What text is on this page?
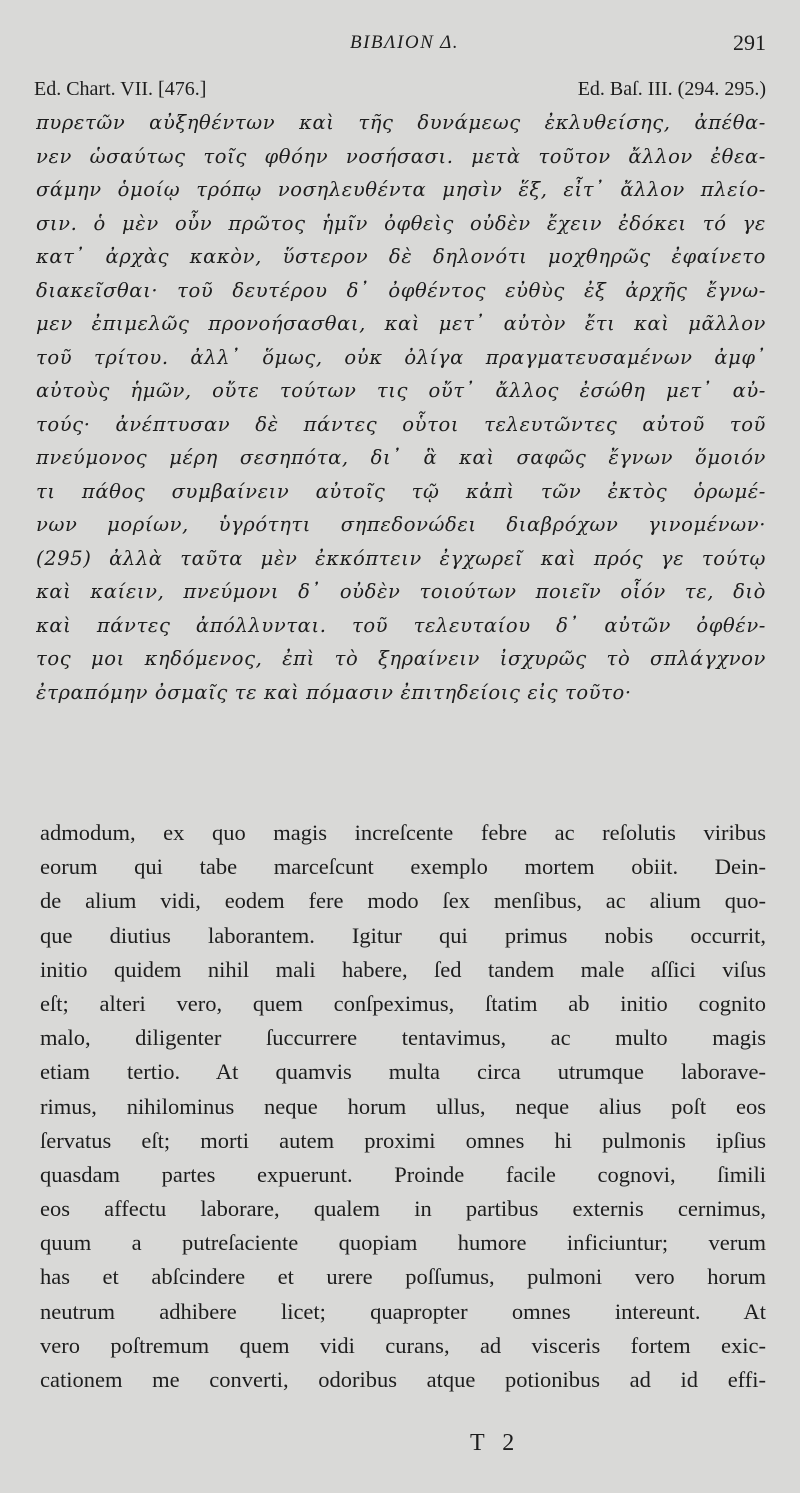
BIBΛΙΟΝ Δ.	291
Ed. Chart. VII. [476.]	Ed. Baſ. III. (294. 295.)
πυρετῶν αὐξηθέντων καὶ τῆς δυνάμεως ἐκλυθείσης, ἀπέθα-
νεν ὡσαύτως τοῖς φθόην νοσήσασι. μετὰ τοῦτον ἄλλον ἐθεα-
σάμην ὁμοίῳ τρόπῳ νοσηλευθέντα μησὶν ἕξ, εἶτ᾽ ἄλλον πλείο-
σιν. ὁ μὲν οὖν πρῶτος ἡμῖν ὀφθεὶς οὐδὲν ἔχειν ἐδόκει τό γε
κατ᾽ ἀρχὰς κακὸν, ὕστερον δὲ δηλονότι μοχθηρῶς ἐφαίνετο
διακεῖσθαι· τοῦ δευτέρου δ᾽ ὀφθέντος εὐθὺς ἐξ ἀρχῆς ἔγνω-
μεν ἐπιμελῶς προνοήσασθαι, καὶ μετ᾽ αὐτὸν ἔτι καὶ μᾶλλον
τοῦ τρίτου. ἀλλ᾽ ὅμως, οὐκ ὀλίγα πραγματευσαμένων ἀμφ᾽
αὐτοὺς ἡμῶν, οὔτε τούτων τις οὔτ᾽ ἄλλος ἐσώθη μετ᾽ αὐ-
τούς· ἀνέπτυσαν δὲ πάντες οὗτοι τελευτῶντες αὐτοῦ τοῦ
πνεύμονος μέρη σεσηπότα, δι᾽ ἃ καὶ σαφῶς ἔγνων ὅμοιόν
τι πάθος συμβαίνειν αὐτοῖς τῷ κἀπὶ τῶν ἐκτὸς ὁρωμέ-
νων μορίων, ὑγρότητι σηπεδονώδει διαβρόχων γινομένων·
(295) ἀλλὰ ταῦτα μὲν ἐκκόπτειν ἐγχωρεῖ καὶ πρός γε τούτῳ
καὶ καίειν, πνεύμονι δ᾽ οὐδὲν τοιούτων ποιεῖν οἷόν τε, διὸ
καὶ πάντες ἀπόλλυνται. τοῦ τελευταίου δ᾽ αὐτῶν ὀφθέν-
τος μοι κηδόμενος, ἐπὶ τὸ ξηραίνειν ἰσχυρῶς τὸ σπλάγχνον
ἐτραπόμην ὀσμαῖς τε καὶ πόμασιν ἐπιτηδείοις εἰς τοῦτο·
admodum, ex quo magis increſcente febre ac reſolutis viribus
eorum qui tabe marceſcunt exemplo mortem obiit. Dein-
de alium vidi, eodem fere modo ſex menſibus, ac alium quo-
que diutius laborantem. Igitur qui primus nobis occurrit,
initio quidem nihil mali habere, ſed tandem male aſſici viſus
eſt; alteri vero, quem conſpeximus, ſtatim ab initio cognito
malo, diligenter ſuccurrere tentavimus, ac multo magis
etiam tertio. At quamvis multa circa utrumque laborave-
rimus, nihilominus neque horum ullus, neque alius poſt eos
ſervatus eſt; morti autem proximi omnes hi pulmonis ipſius
quasdam partes expuerunt. Proinde facile cognovi, ſimili
eos affectu laborare, qualem in partibus externis cernimus,
quum a putreſaciente quopiam humore inficiuntur; verum
has et abſcindere et urere poſſumus, pulmoni vero horum
neutrum adhibere licet; quapropter omnes intereunt. At
vero poſtremum quem vidi curans, ad visceris fortem exic-
cationem me converti, odoribus atque potionibus ad id effi-
T 2
